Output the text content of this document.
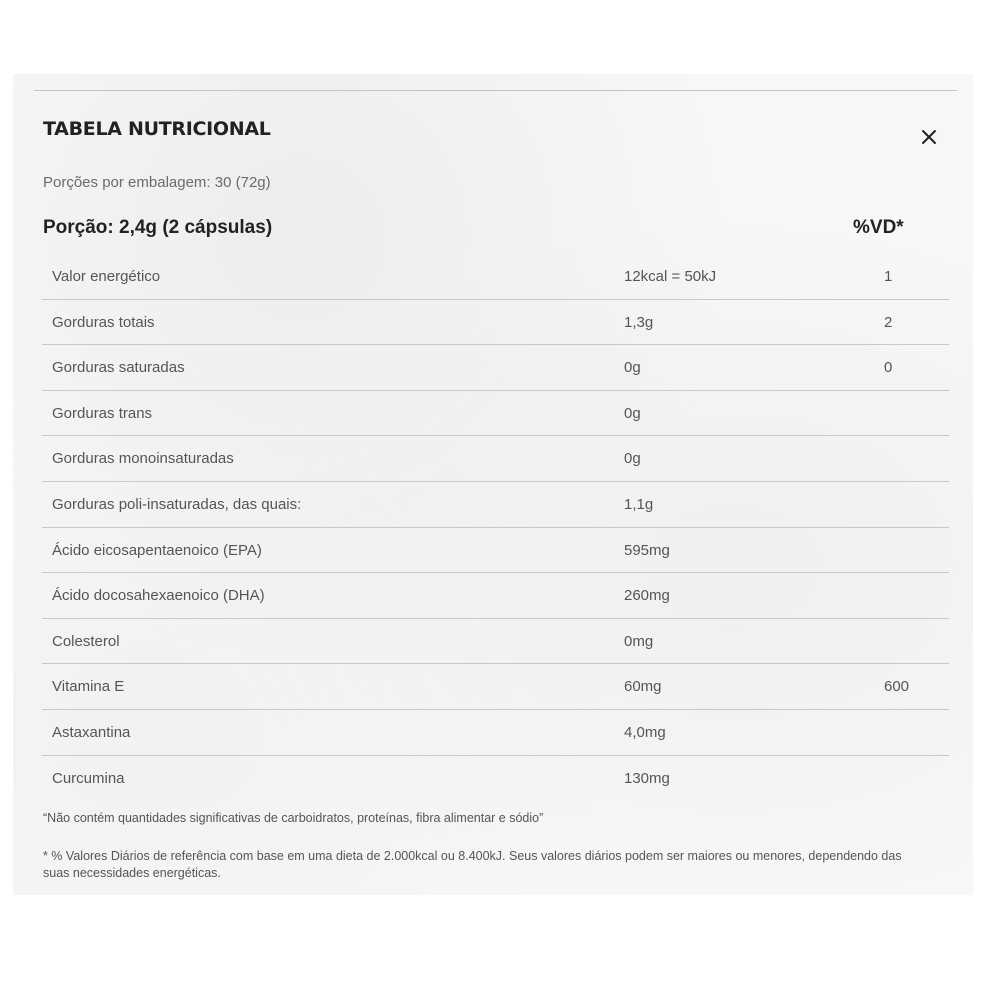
TABELA NUTRICIONAL
Porções por embalagem: 30 (72g)
Porção: 2,4g (2 cápsulas)	%VD*
Valor energético	12kcal = 50kJ	1
Gorduras totais	1,3g	2
Gorduras saturadas	0g	0
Gorduras trans	0g
Gorduras monoinsaturadas	0g
Gorduras poli-insaturadas, das quais:	1,1g
Ácido eicosapentaenoico (EPA)	595mg
Ácido docosahexaenoico (DHA)	260mg
Colesterol	0mg
Vitamina E	60mg	600
Astaxantina	4,0mg
Curcumina	130mg
“Não contém quantidades significativas de carboidratos, proteínas, fibra alimentar e sódio”
* % Valores Diários de referência com base em uma dieta de 2.000kcal ou 8.400kJ. Seus valores diários podem ser maiores ou menores, dependendo das suas necessidades energéticas.
